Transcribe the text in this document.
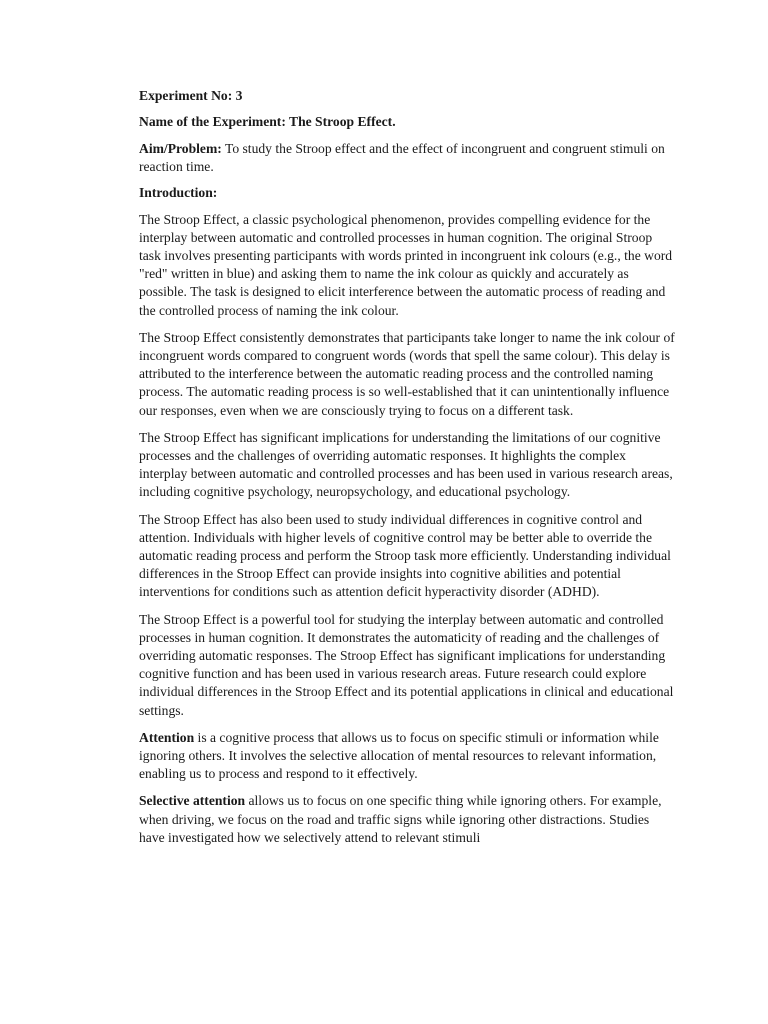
Experiment No: 3

Name of the Experiment: The Stroop Effect.

Aim/Problem: To study the Stroop effect and the effect of incongruent and congruent stimuli on reaction time.

Introduction:

The Stroop Effect, a classic psychological phenomenon, provides compelling evidence for the interplay between automatic and controlled processes in human cognition. The original Stroop task involves presenting participants with words printed in incongruent ink colours (e.g., the word "red" written in blue) and asking them to name the ink colour as quickly and accurately as possible. The task is designed to elicit interference between the automatic process of reading and the controlled process of naming the ink colour.

The Stroop Effect consistently demonstrates that participants take longer to name the ink colour of incongruent words compared to congruent words (words that spell the same colour). This delay is attributed to the interference between the automatic reading process and the controlled naming process. The automatic reading process is so well-established that it can unintentionally influence our responses, even when we are consciously trying to focus on a different task.

The Stroop Effect has significant implications for understanding the limitations of our cognitive processes and the challenges of overriding automatic responses. It highlights the complex interplay between automatic and controlled processes and has been used in various research areas, including cognitive psychology, neuropsychology, and educational psychology.

The Stroop Effect has also been used to study individual differences in cognitive control and attention. Individuals with higher levels of cognitive control may be better able to override the automatic reading process and perform the Stroop task more efficiently. Understanding individual differences in the Stroop Effect can provide insights into cognitive abilities and potential interventions for conditions such as attention deficit hyperactivity disorder (ADHD).

The Stroop Effect is a powerful tool for studying the interplay between automatic and controlled processes in human cognition. It demonstrates the automaticity of reading and the challenges of overriding automatic responses. The Stroop Effect has significant implications for understanding cognitive function and has been used in various research areas. Future research could explore individual differences in the Stroop Effect and its potential applications in clinical and educational settings.

Attention is a cognitive process that allows us to focus on specific stimuli or information while ignoring others. It involves the selective allocation of mental resources to relevant information, enabling us to process and respond to it effectively.

Selective attention allows us to focus on one specific thing while ignoring others. For example, when driving, we focus on the road and traffic signs while ignoring other distractions. Studies have investigated how we selectively attend to relevant stimuli
